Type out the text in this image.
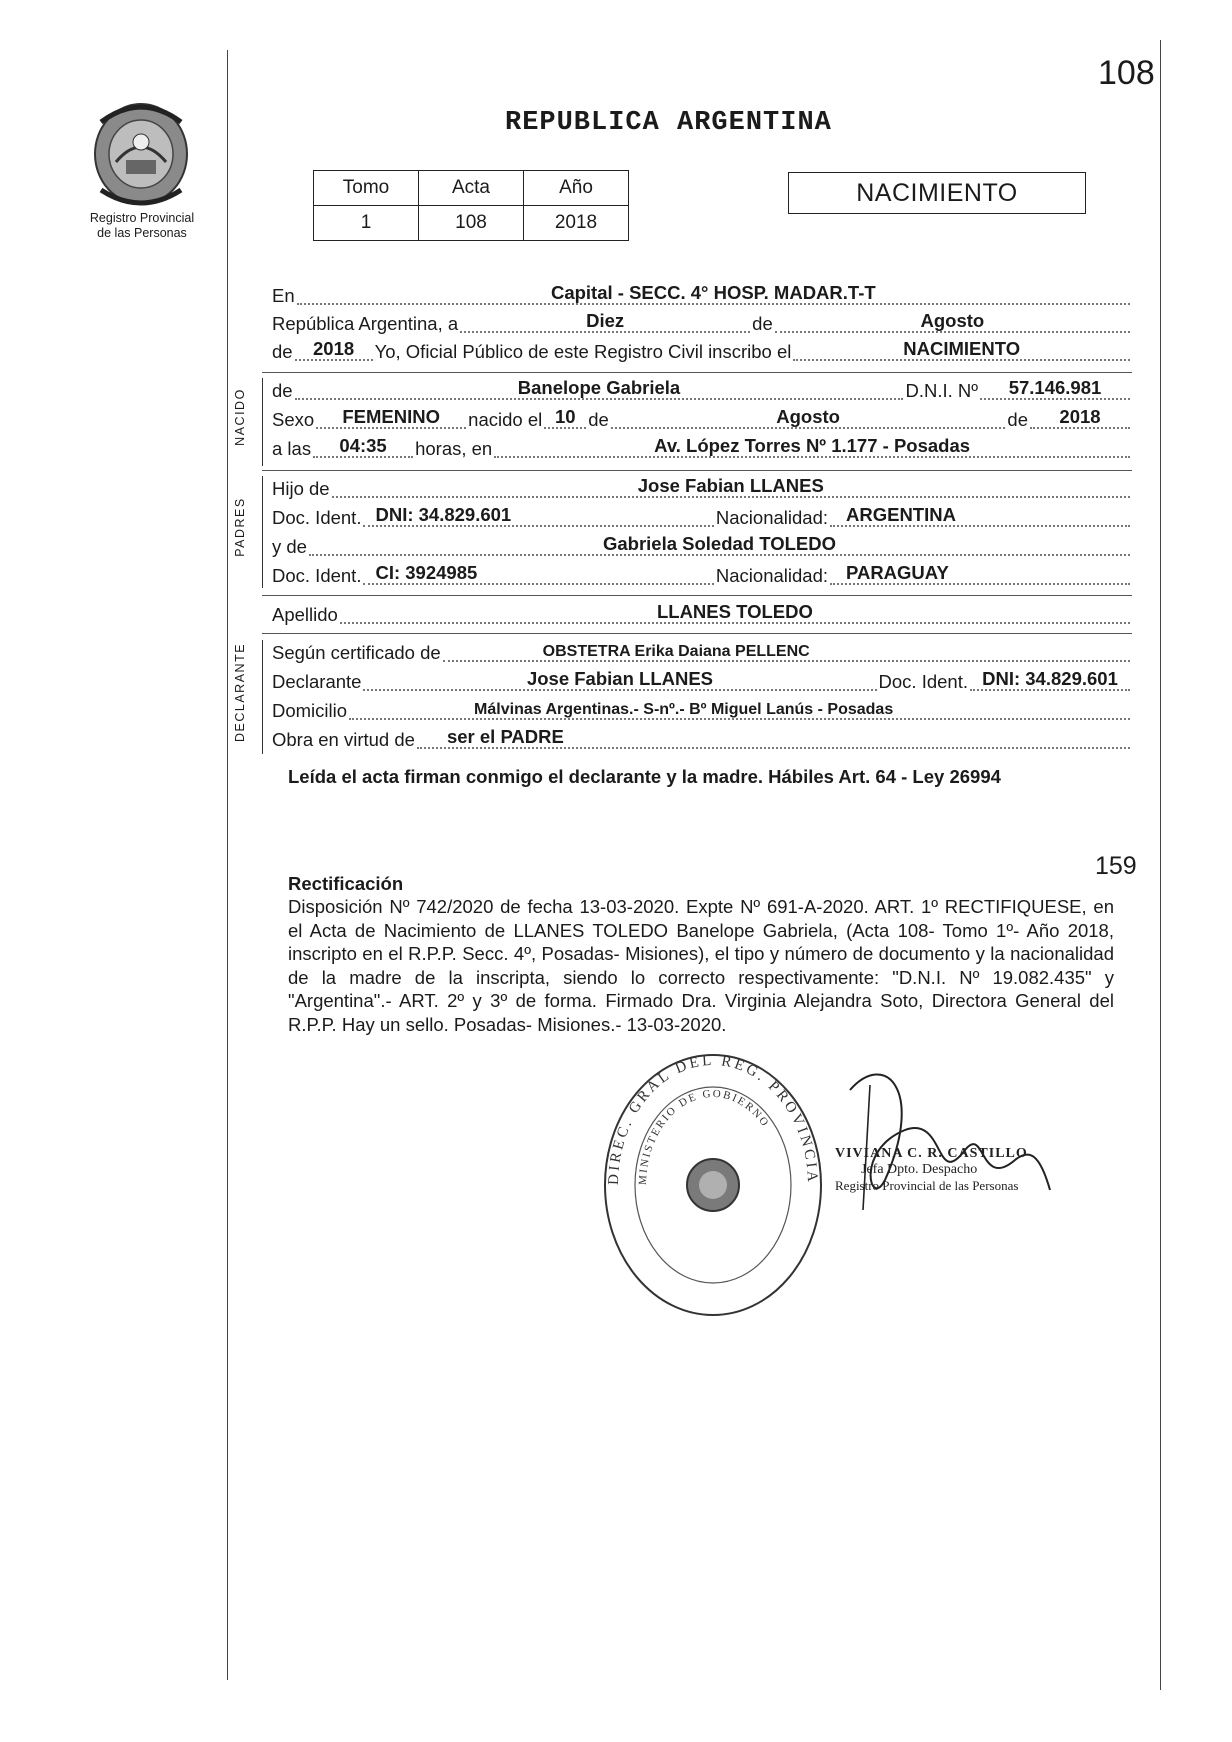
108
Registro Provincial
de las Personas
REPUBLICA ARGENTINA
Tomo	Acta	Año
1	108	2018
NACIMIENTO
En	Capital - SECC. 4° HOSP. MADAR.T-T
República Argentina, a	Diez	de	Agosto
de	2018	Yo, Oficial Público de este Registro Civil inscribo el	NACIMIENTO
NACIDO de	Banelope Gabriela	D.N.I. Nº	57.146.981
Sexo	FEMENINO	nacido el 10 de	Agosto	de	2018
a las	04:35	horas, en	Av. López Torres Nº 1.177 - Posadas
PADRES
Hijo de	Jose Fabian LLANES
Doc. Ident. DNI: 34.829.601	Nacionalidad: ARGENTINA
y de	Gabriela Soledad TOLEDO
Doc. Ident. CI: 3924985	Nacionalidad: PARAGUAY
Apellido	LLANES TOLEDO
DECLARANTE Según certificado de	OBSTETRA Erika Daiana PELLENC
Declarante	Jose Fabian LLANES	Doc. Ident. DNI: 34.829.601
Domicilio	Málvinas Argentinas.- S-nº.- Bº Miguel Lanús - Posadas
Obra en virtud de	ser el PADRE
Leída el acta firman conmigo el declarante y la madre. Hábiles Art. 64 - Ley 26994
159
Rectificación
Disposición Nº 742/2020 de fecha 13-03-2020. Expte Nº 691-A-2020. ART. 1º RECTIFIQUESE, en el Acta de Nacimiento de LLANES TOLEDO Banelope Gabriela, (Acta 108- Tomo 1º- Año 2018, inscripto en el R.P.P. Secc. 4º, Posadas- Misiones), el tipo y número de documento y la nacionalidad de la madre de la inscripta, siendo lo correcto respectivamente: "D.N.I. Nº 19.082.435" y "Argentina".- ART. 2º y 3º de forma. Firmado Dra. Virginia Alejandra Soto, Directora General del R.P.P. Hay un sello. Posadas- Misiones.- 13-03-2020.
DIREC. GRAL DEL REG. PROVINCIA
MINISTERIO DE GOBIERNO
VIVIANA C. R. CASTILLO
Jefa Dpto. Despacho
Registro Provincial de las Personas
